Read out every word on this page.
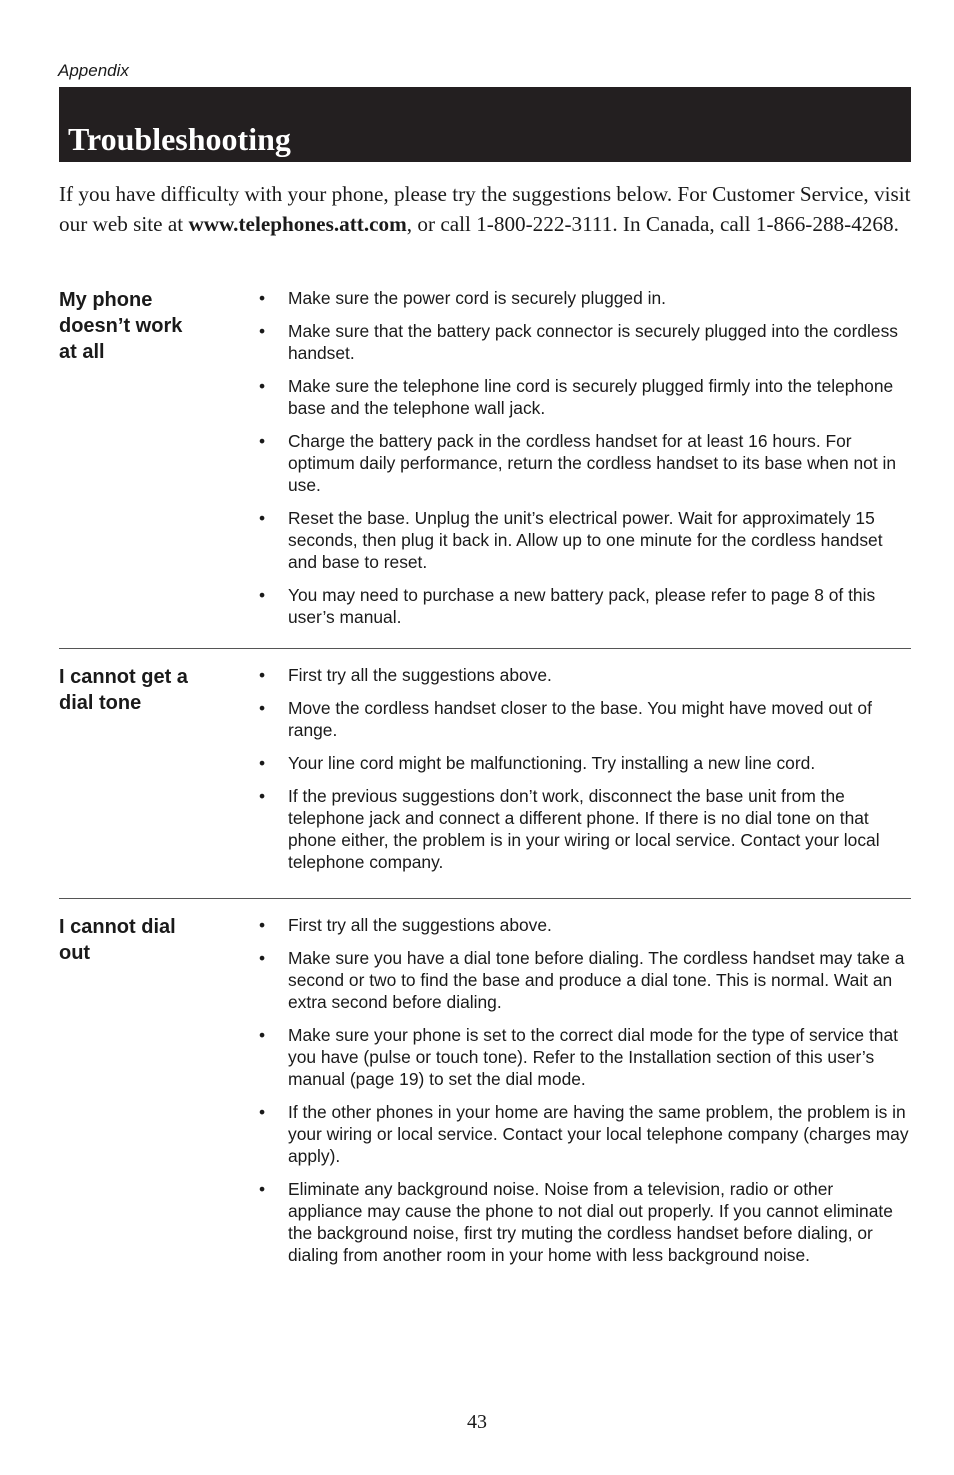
Appendix
Troubleshooting
If you have difficulty with your phone, please try the suggestions below. For Customer Service, visit our web site at www.telephones.att.com, or call 1-800-222-3111. In Canada, call 1-866-288-4268.
My phone
doesn’t work
at all
• Make sure the power cord is securely plugged in.
• Make sure that the battery pack connector is securely plugged into the cordless handset.
• Make sure the telephone line cord is securely plugged firmly into the telephone base and the telephone wall jack.
• Charge the battery pack in the cordless handset for at least 16 hours. For optimum daily performance, return the cordless handset to its base when not in use.
• Reset the base. Unplug the unit’s electrical power. Wait for approximately 15 seconds, then plug it back in. Allow up to one minute for the cordless handset and base to reset.
• You may need to purchase a new battery pack, please refer to page 8 of this user’s manual.
I cannot get a
dial tone
• First try all the suggestions above.
• Move the cordless handset closer to the base. You might have moved out of range.
• Your line cord might be malfunctioning. Try installing a new line cord.
• If the previous suggestions don’t work, disconnect the base unit from the telephone jack and connect a different phone. If there is no dial tone on that phone either, the problem is in your wiring or local service. Contact your local telephone company.
I cannot dial
out
• First try all the suggestions above.
• Make sure you have a dial tone before dialing. The cordless handset may take a second or two to find the base and produce a dial tone. This is normal. Wait an extra second before dialing.
• Make sure your phone is set to the correct dial mode for the type of service that you have (pulse or touch tone). Refer to the Installation section of this user’s manual (page 19) to set the dial mode.
• If the other phones in your home are having the same problem, the problem is in your wiring or local service. Contact your local telephone company (charges may apply).
• Eliminate any background noise. Noise from a television, radio or other appliance may cause the phone to not dial out properly. If you cannot eliminate the background noise, first try muting the cordless handset before dialing, or dialing from another room in your home with less background noise.
43
